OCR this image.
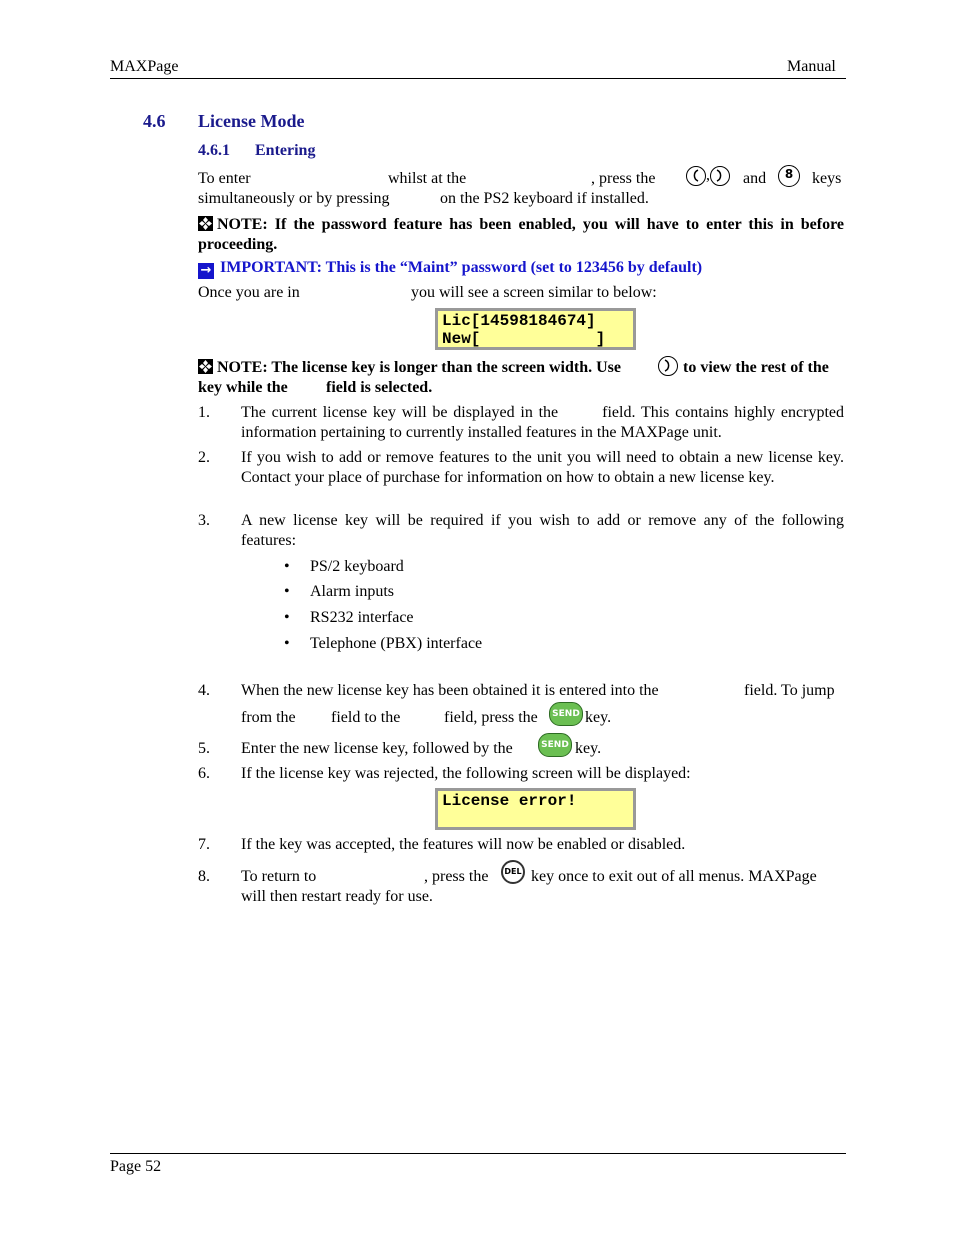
MAXPage	Manual
4.6 License Mode
4.6.1 Entering
To enter	whilst at the	, press the	,	and	8	keys
simultaneously or by pressing	on the PS2 keyboard if installed.
NOTE: If the password feature has been enabled, you will have to enter this in before proceeding.
→ IMPORTANT: This is the “Maint” password (set to 123456 by default)
Once you are in	you will see a screen similar to below:
Lic[14598184674]
New[            ]
NOTE: The license key is longer than the screen width. Use	to view the rest of the
key while the field is selected.
1. The current license key will be displayed in the	field. This contains highly encrypted information pertaining to currently installed features in the MAXPage unit.
2. If you wish to add or remove features to the unit you will need to obtain a new license key. Contact your place of purchase for information on how to obtain a new license key.
3. A new license key will be required if you wish to add or remove any of the following features:
• PS/2 keyboard
• Alarm inputs
• RS232 interface
• Telephone (PBX) interface
4. When the new license key has been obtained it is entered into the	field. To jump
from the field to the	field, press the	SEND key.
5. Enter the new license key, followed by the	SEND key.
6. If the license key was rejected, the following screen will be displayed:
License error!
7. If the key was accepted, the features will now be enabled or disabled.
8. To return to	, press the	DEL key once to exit out of all menus. MAXPage
will then restart ready for use.
Page 52
